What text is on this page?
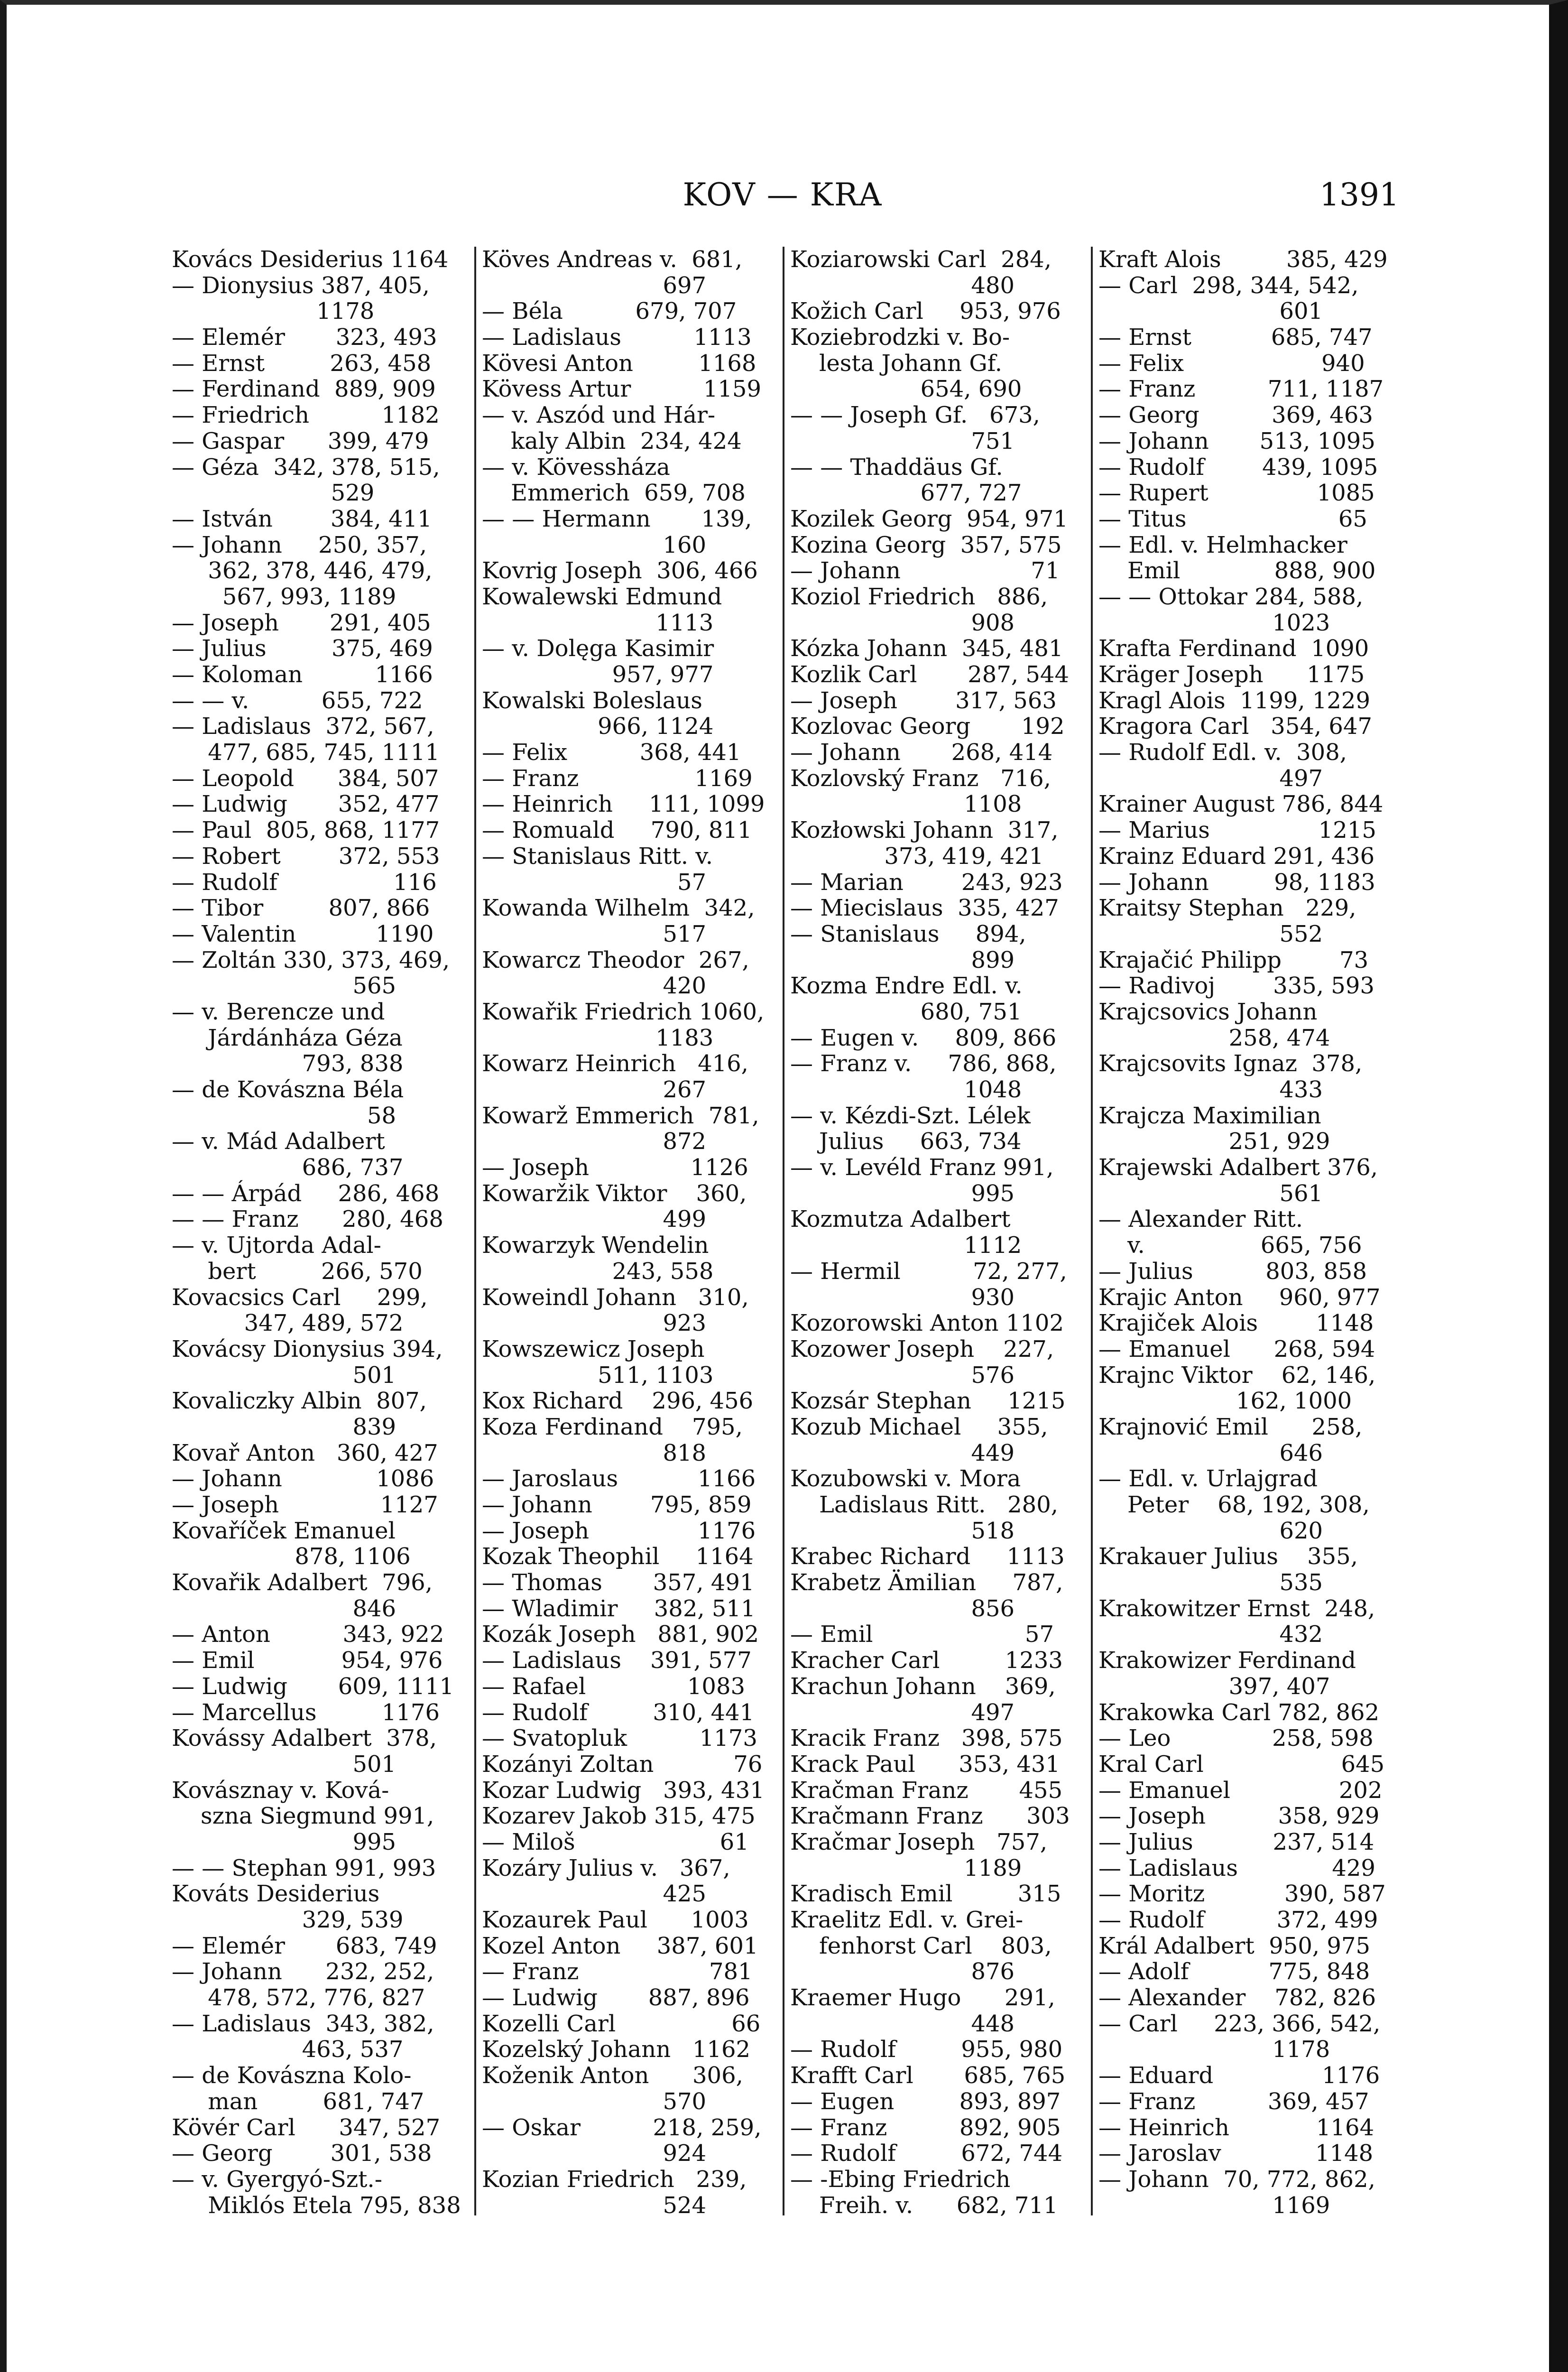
KOV — KRA	1391
Kovács Desiderius 1164
— Dionysius 387, 405,
1178
— Elemér       323, 493
— Ernst         263, 458
— Ferdinand  889, 909
— Friedrich          1182
— Gaspar      399, 479
— Géza  342, 378, 515,
529
— István        384, 411
— Johann     250, 357,
362, 378, 446, 479,
567, 993, 1189
— Joseph       291, 405
— Julius         375, 469
— Koloman          1166
— — v.          655, 722
— Ladislaus  372, 567,
477, 685, 745, 1111
— Leopold      384, 507
— Ludwig       352, 477
— Paul  805, 868, 1177
— Robert        372, 553
— Rudolf                116
— Tibor         807, 866
— Valentin           1190
— Zoltán 330, 373, 469,
565
— v. Berencze und
Járdánháza Géza
793, 838
— de Kovászna Béla
58
— v. Mád Adalbert
686, 737
— — Árpád     286, 468
— — Franz      280, 468
— v. Ujtorda Adal-
bert         266, 570
Kovacsics Carl     299,
347, 489, 572
Kovácsy Dionysius 394,
501
Kovaliczky Albin  807,
839
Kovař Anton   360, 427
— Johann             1086
— Joseph              1127
Kovaříček Emanuel
878, 1106
Kovařik Adalbert  796,
846
— Anton          343, 922
— Emil            954, 976
— Ludwig       609, 1111
— Marcellus         1176
Kovássy Adalbert  378,
501
Kovásznay v. Ková-
szna Siegmund 991,
995
— — Stephan 991, 993
Kováts Desiderius
329, 539
— Elemér       683, 749
— Johann      232, 252,
478, 572, 776, 827
— Ladislaus  343, 382,
463, 537
— de Kovászna Kolo-
man         681, 747
Kövér Carl      347, 527
— Georg        301, 538
— v. Gyergyó-Szt.-
Miklós Etela 795, 838
Köves Andreas v.  681,
697
— Béla          679, 707
— Ladislaus          1113
Kövesi Anton         1168
Kövess Artur          1159
— v. Aszód und Hár-
kaly Albin  234, 424
— v. Kövessháza
Emmerich  659, 708
— — Hermann       139,
160
Kovrig Joseph  306, 466
Kowalewski Edmund
1113
— v. Dolęga Kasimir
957, 977
Kowalski Boleslaus
966, 1124
— Felix          368, 441
— Franz                1169
— Heinrich     111, 1099
— Romuald     790, 811
— Stanislaus Ritt. v.
57
Kowanda Wilhelm  342,
517
Kowarcz Theodor  267,
420
Kowařik Friedrich 1060,
1183
Kowarz Heinrich   416,
267
Kowarž Emmerich  781,
872
— Joseph              1126
Kowaržik Viktor    360,
499
Kowarzyk Wendelin
243, 558
Koweindl Johann   310,
923
Kowszewicz Joseph
511, 1103
Kox Richard    296, 456
Koza Ferdinand    795,
818
— Jaroslaus           1166
— Johann        795, 859
— Joseph               1176
Kozak Theophil     1164
— Thomas       357, 491
— Wladimir     382, 511
Kozák Joseph   881, 902
— Ladislaus    391, 577
— Rafael              1083
— Rudolf         310, 441
— Svatopluk          1173
Kozányi Zoltan           76
Kozar Ludwig   393, 431
Kozarev Jakob 315, 475
— Miloš                    61
Kozáry Julius v.   367,
425
Kozaurek Paul      1003
Kozel Anton     387, 601
— Franz                  781
— Ludwig       887, 896
Kozelli Carl                66
Kozelský Johann   1162
Koženik Anton      306,
570
— Oskar          218, 259,
924
Kozian Friedrich   239,
524
Koziarowski Carl  284,
480
Kožich Carl     953, 976
Koziebrodzki v. Bo-
lesta Johann Gf.
654, 690
— — Joseph Gf.   673,
751
— — Thaddäus Gf.
677, 727
Kozilek Georg  954, 971
Kozina Georg  357, 575
— Johann                  71
Koziol Friedrich   886,
908
Kózka Johann  345, 481
Kozlik Carl       287, 544
— Joseph        317, 563
Kozlovac Georg       192
— Johann       268, 414
Kozlovský Franz   716,
1108
Kozłowski Johann  317,
373, 419, 421
— Marian        243, 923
— Miecislaus  335, 427
— Stanislaus     894,
899
Kozma Endre Edl. v.
680, 751
— Eugen v.     809, 866
— Franz v.     786, 868,
1048
— v. Kézdi-Szt. Lélek
Julius     663, 734
— v. Levéld Franz 991,
995
Kozmutza Adalbert
1112
— Hermil          72, 277,
930
Kozorowski Anton 1102
Kozower Joseph    227,
576
Kozsár Stephan     1215
Kozub Michael     355,
449
Kozubowski v. Mora
Ladislaus Ritt.   280,
518
Krabec Richard     1113
Krabetz Ämilian     787,
856
— Emil                     57
Kracher Carl         1233
Krachun Johann    369,
497
Kracik Franz   398, 575
Krack Paul      353, 431
Kračman Franz       455
Kračmann Franz      303
Kračmar Joseph   757,
1189
Kradisch Emil         315
Kraelitz Edl. v. Grei-
fenhorst Carl    803,
876
Kraemer Hugo      291,
448
— Rudolf         955, 980
Krafft Carl       685, 765
— Eugen         893, 897
— Franz          892, 905
— Rudolf         672, 744
— -Ebing Friedrich
Freih. v.      682, 711
Kraft Alois         385, 429
— Carl  298, 344, 542,
601
— Ernst           685, 747
— Felix                   940
— Franz          711, 1187
— Georg          369, 463
— Johann       513, 1095
— Rudolf        439, 1095
— Rupert               1085
— Titus                     65
— Edl. v. Helmhacker
Emil             888, 900
— — Ottokar 284, 588,
1023
Krafta Ferdinand  1090
Kräger Joseph      1175
Kragl Alois  1199, 1229
Kragora Carl   354, 647
— Rudolf Edl. v.  308,
497
Krainer August 786, 844
— Marius               1215
Krainz Eduard 291, 436
— Johann         98, 1183
Kraitsy Stephan   229,
552
Krajačić Philipp        73
— Radivoj        335, 593
Krajcsovics Johann
258, 474
Krajcsovits Ignaz  378,
433
Krajcza Maximilian
251, 929
Krajewski Adalbert 376,
561
— Alexander Ritt.
v.                665, 756
— Julius          803, 858
Krajic Anton     960, 977
Krajiček Alois        1148
— Emanuel      268, 594
Krajnc Viktor    62, 146,
162, 1000
Krajnović Emil      258,
646
— Edl. v. Urlajgrad
Peter    68, 192, 308,
620
Krakauer Julius    355,
535
Krakowitzer Ernst  248,
432
Krakowizer Ferdinand
397, 407
Krakowka Carl 782, 862
— Leo              258, 598
Kral Carl                   645
— Emanuel               202
— Joseph          358, 929
— Julius           237, 514
— Ladislaus             429
— Moritz           390, 587
— Rudolf          372, 499
Král Adalbert  950, 975
— Adolf           775, 848
— Alexander    782, 826
— Carl     223, 366, 542,
1178
— Eduard               1176
— Franz          369, 457
— Heinrich            1164
— Jaroslav             1148
— Johann  70, 772, 862,
1169
